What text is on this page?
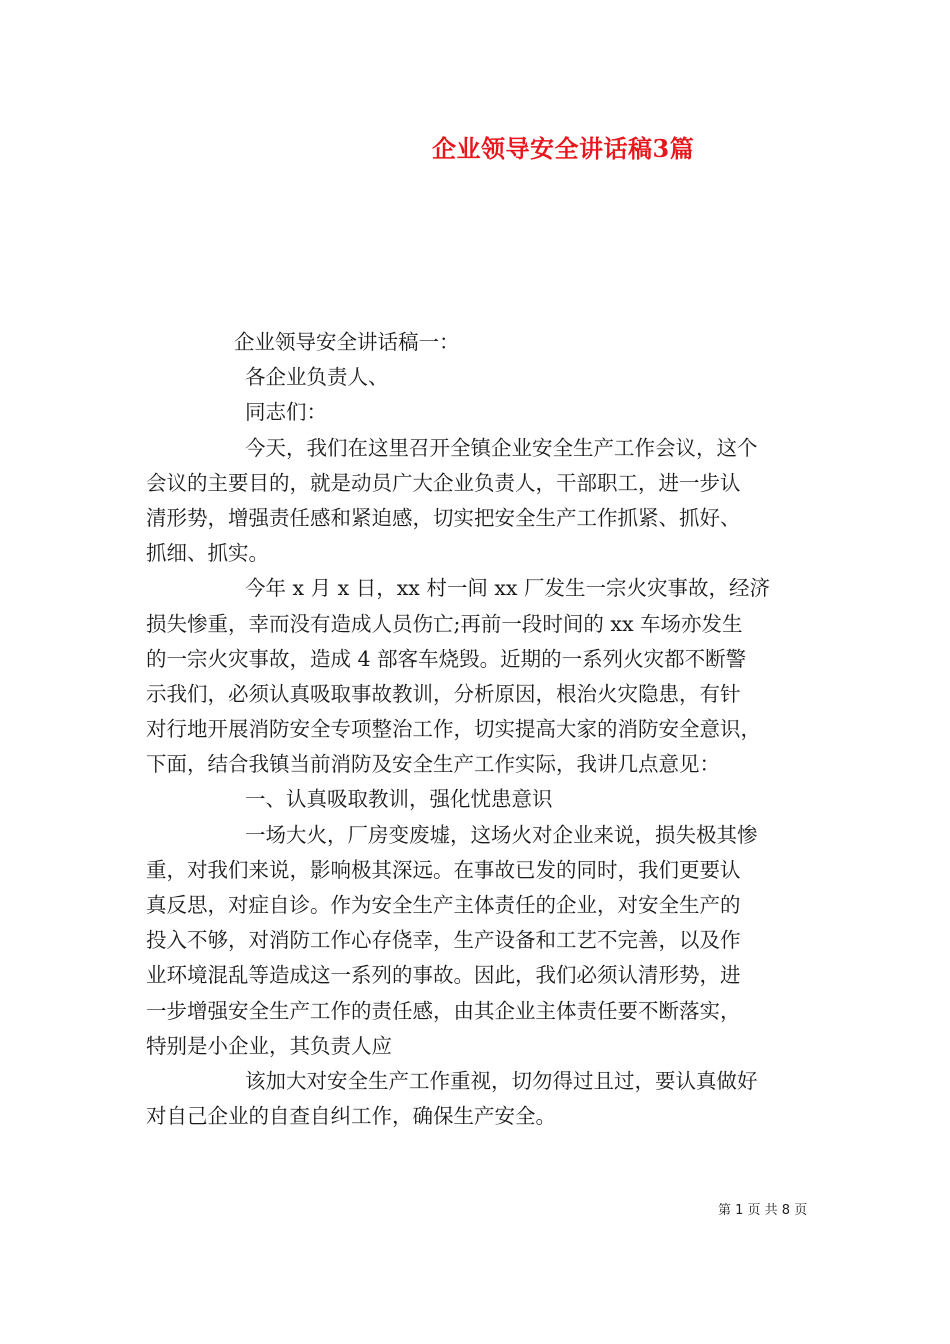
企业领导安全讲话稿3篇
企业领导安全讲话稿一：
各企业负责人、
同志们：
今天，我们在这里召开全镇企业安全生产工作会议，这个
会议的主要目的，就是动员广大企业负责人，干部职工，进一步认
清形势，增强责任感和紧迫感，切实把安全生产工作抓紧、抓好、
抓细、抓实。
今年 x 月 x 日，xx 村一间 xx 厂发生一宗火灾事故，经济
损失惨重，幸而没有造成人员伤亡;再前一段时间的 xx 车场亦发生
的一宗火灾事故，造成 4 部客车烧毁。近期的一系列火灾都不断警
示我们，必须认真吸取事故教训，分析原因，根治火灾隐患，有针
对行地开展消防安全专项整治工作，切实提高大家的消防安全意识，
下面，结合我镇当前消防及安全生产工作实际，我讲几点意见：
一、认真吸取教训，强化忧患意识
一场大火，厂房变废墟，这场火对企业来说，损失极其惨
重，对我们来说，影响极其深远。在事故已发的同时，我们更要认
真反思，对症自诊。作为安全生产主体责任的企业，对安全生产的
投入不够，对消防工作心存侥幸，生产设备和工艺不完善，以及作
业环境混乱等造成这一系列的事故。因此，我们必须认清形势，进
一步增强安全生产工作的责任感，由其企业主体责任要不断落实，
特别是小企业，其负责人应
该加大对安全生产工作重视，切勿得过且过，要认真做好
对自己企业的自查自纠工作，确保生产安全。
第 1 页 共 8 页
